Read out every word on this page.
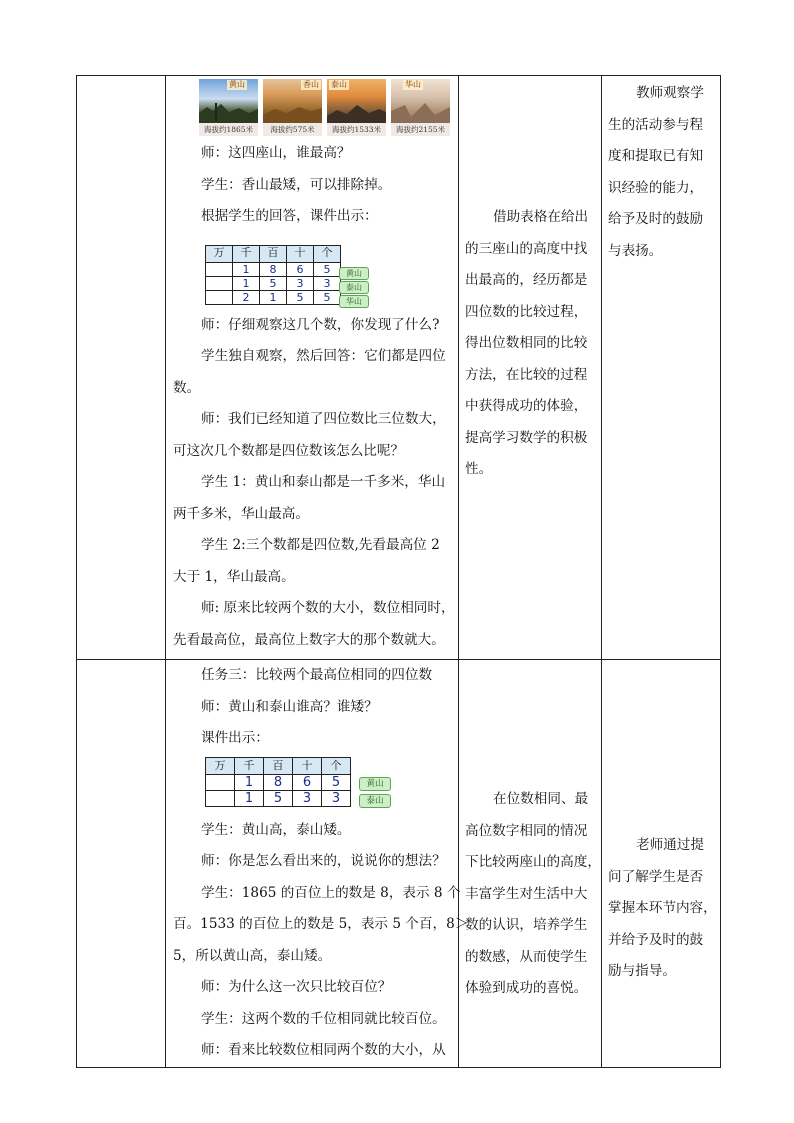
黄山
海拔约1865米
香山
海拔约575米
泰山
海拔约1533米
华山
海拔约2155米

师：这四座山，谁最高？

学生：香山最矮，可以排除掉。

根据学生的回答，课件出示：

万	千	百	十	个
	1	8	6	5
	1	5	3	3
	2	1	5	5
黄山
泰山
华山

师：仔细观察这几个数，你发现了什么?

学生独自观察，然后回答：它们都是四位

数。

师：我们已经知道了四位数比三位数大，

可这次几个数都是四位数该怎么比呢？

学生 1：黄山和泰山都是一千多米，华山

两千多米，华山最高。

学生 2:三个数都是四位数,先看最高位 2

大于 1，华山最高。

师: 原来比较两个数的大小，数位相同时，

先看最高位，最高位上数字大的那个数就大。

借助表格在给出

的三座山的高度中找

出最高的，经历都是

四位数的比较过程，

得出位数相同的比较

方法，在比较的过程

中获得成功的体验，

提高学习数学的积极

性。

教师观察学

生的活动参与程

度和提取已有知

识经验的能力，

给予及时的鼓励

与表扬。

任务三：比较两个最高位相同的四位数

师：黄山和泰山谁高？谁矮？

课件出示：

万	千	百	十	个
	1	8	6	5
	1	5	3	3
黄山
泰山

学生：黄山高，泰山矮。

师：你是怎么看出来的，说说你的想法？

学生：1865 的百位上的数是 8，表示 8 个

百。1533 的百位上的数是 5，表示 5 个百，8＞

5，所以黄山高，泰山矮。

师：为什么这一次只比较百位？

学生：这两个数的千位相同就比较百位。

师：看来比较数位相同两个数的大小，从

在位数相同、最

高位数字相同的情况

下比较两座山的高度，

丰富学生对生活中大

数的认识，培养学生

的数感，从而使学生

体验到成功的喜悦。

老师通过提

问了解学生是否

掌握本环节内容，

并给予及时的鼓

励与指导。
